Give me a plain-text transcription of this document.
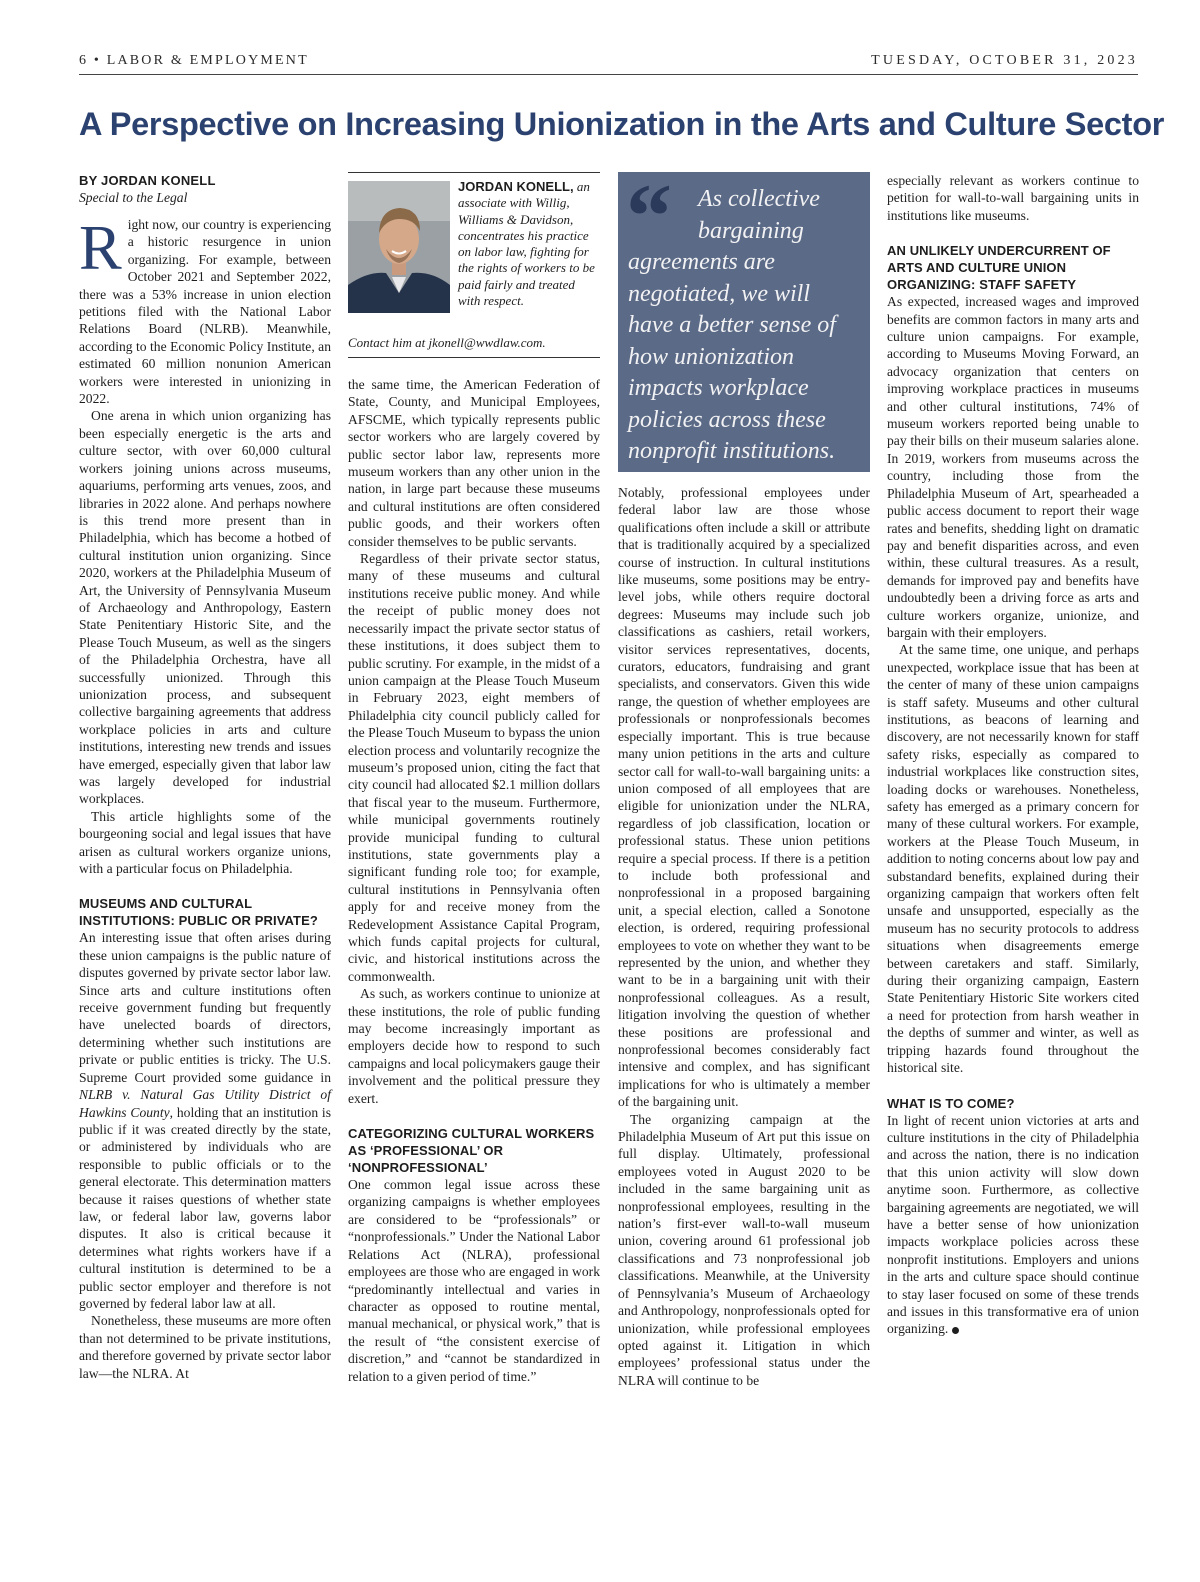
6 • LABOR & EMPLOYMENT	TUESDAY, OCTOBER 31, 2023
A Perspective on Increasing Unionization in the Arts and Culture Sector
BY JORDAN KONELL
Special to the Legal

Right now, our country is experiencing a historic resurgence in union organizing. For example, between October 2021 and September 2022, there was a 53% increase in union election petitions filed with the National Labor Relations Board (NLRB). Meanwhile, according to the Economic Policy Institute, an estimated 60 million nonunion American workers were interested in unionizing in 2022.

One arena in which union organizing has been especially energetic is the arts and culture sector, with over 60,000 cultural workers joining unions across museums, aquariums, performing arts venues, zoos, and libraries in 2022 alone. And perhaps nowhere is this trend more present than in Philadelphia, which has become a hotbed of cultural institution union organizing. Since 2020, workers at the Philadelphia Museum of Art, the University of Pennsylvania Museum of Archaeology and Anthropology, Eastern State Penitentiary Historic Site, and the Please Touch Museum, as well as the singers of the Philadelphia Orchestra, have all successfully unionized. Through this unionization process, and subsequent collective bargaining agreements that address workplace policies in arts and culture institutions, interesting new trends and issues have emerged, especially given that labor law was largely developed for industrial workplaces.

This article highlights some of the bourgeoning social and legal issues that have arisen as cultural workers organize unions, with a particular focus on Philadelphia.

MUSEUMS AND CULTURAL INSTITUTIONS: PUBLIC OR PRIVATE?

An interesting issue that often arises during these union campaigns is the public nature of disputes governed by private sector labor law. Since arts and culture institutions often receive government funding but frequently have unelected boards of directors, determining whether such institutions are private or public entities is tricky. The U.S. Supreme Court provided some guidance in NLRB v. Natural Gas Utility District of Hawkins County, holding that an institution is public if it was created directly by the state, or administered by individuals who are responsible to public officials or to the general electorate. This determination matters because it raises questions of whether state law, or federal labor law, governs labor disputes. It also is critical because it determines what rights workers have if a cultural institution is determined to be a public sector employer and therefore is not governed by federal labor law at all.

Nonetheless, these museums are more often than not determined to be private institutions, and therefore governed by private sector labor law—the NLRA. At

JORDAN KONELL, an associate with Willig, Williams & Davidson, concentrates his practice on labor law, fighting for the rights of workers to be paid fairly and treated with respect.
Contact him at jkonell@wwdlaw.com.

the same time, the American Federation of State, County, and Municipal Employees, AFSCME, which typically represents public sector workers who are largely covered by public sector labor law, represents more museum workers than any other union in the nation, in large part because these museums and cultural institutions are often considered public goods, and their workers often consider themselves to be public servants.

Regardless of their private sector status, many of these museums and cultural institutions receive public money. And while the receipt of public money does not necessarily impact the private sector status of these institutions, it does subject them to public scrutiny. For example, in the midst of a union campaign at the Please Touch Museum in February 2023, eight members of Philadelphia city council publicly called for the Please Touch Museum to bypass the union election process and voluntarily recognize the museum’s proposed union, citing the fact that city council had allocated $2.1 million dollars that fiscal year to the museum. Furthermore, while municipal governments routinely provide municipal funding to cultural institutions, state governments play a significant funding role too; for example, cultural institutions in Pennsylvania often apply for and receive money from the Redevelopment Assistance Capital Program, which funds capital projects for cultural, civic, and historical institutions across the commonwealth.

As such, as workers continue to unionize at these institutions, the role of public funding may become increasingly important as employers decide how to respond to such campaigns and local policymakers gauge their involvement and the political pressure they exert.

CATEGORIZING CULTURAL WORKERS AS ‘PROFESSIONAL’ OR ‘NONPROFESSIONAL’

One common legal issue across these organizing campaigns is whether employees are considered to be “professionals” or “nonprofessionals.” Under the National Labor Relations Act (NLRA), professional employees are those who are engaged in work “predominantly intellectual and varies in character as opposed to routine mental, manual mechanical, or physical work,” that is the result of “the consistent exercise of discretion,” and “cannot be standardized in relation to a given period of time.”

“	As collective bargaining
agreements are negotiated, we will have a better sense of how unionization impacts workplace policies across these nonprofit institutions.

Notably, professional employees under federal labor law are those whose qualifications often include a skill or attribute that is traditionally acquired by a specialized course of instruction. In cultural institutions like museums, some positions may be entry-level jobs, while others require doctoral degrees: Museums may include such job classifications as cashiers, retail workers, visitor services representatives, docents, curators, educators, fundraising and grant specialists, and conservators. Given this wide range, the question of whether employees are professionals or nonprofessionals becomes especially important. This is true because many union petitions in the arts and culture sector call for wall-to-wall bargaining units: a union composed of all employees that are eligible for unionization under the NLRA, regardless of job classification, location or professional status. These union petitions require a special process. If there is a petition to include both professional and nonprofessional in a proposed bargaining unit, a special election, called a Sonotone election, is ordered, requiring professional employees to vote on whether they want to be represented by the union, and whether they want to be in a bargaining unit with their nonprofessional colleagues. As a result, litigation involving the question of whether these positions are professional and nonprofessional becomes considerably fact intensive and complex, and has significant implications for who is ultimately a member of the bargaining unit.

The organizing campaign at the Philadelphia Museum of Art put this issue on full display. Ultimately, professional employees voted in August 2020 to be included in the same bargaining unit as nonprofessional employees, resulting in the nation’s first-ever wall-to-wall museum union, covering around 61 professional job classifications and 73 nonprofessional job classifications. Meanwhile, at the University of Pennsylvania’s Museum of Archaeology and Anthropology, nonprofessionals opted for unionization, while professional employees opted against it. Litigation in which employees’ professional status under the NLRA will continue to be

especially relevant as workers continue to petition for wall-to-wall bargaining units in institutions like museums.

AN UNLIKELY UNDERCURRENT OF ARTS AND CULTURE UNION ORGANIZING: STAFF SAFETY

As expected, increased wages and improved benefits are common factors in many arts and culture union campaigns. For example, according to Museums Moving Forward, an advocacy organization that centers on improving workplace practices in museums and other cultural institutions, 74% of museum workers reported being unable to pay their bills on their museum salaries alone. In 2019, workers from museums across the country, including those from the Philadelphia Museum of Art, spearheaded a public access document to report their wage rates and benefits, shedding light on dramatic pay and benefit disparities across, and even within, these cultural treasures. As a result, demands for improved pay and benefits have undoubtedly been a driving force as arts and culture workers organize, unionize, and bargain with their employers.

At the same time, one unique, and perhaps unexpected, workplace issue that has been at the center of many of these union campaigns is staff safety. Museums and other cultural institutions, as beacons of learning and discovery, are not necessarily known for staff safety risks, especially as compared to industrial workplaces like construction sites, loading docks or warehouses. Nonetheless, safety has emerged as a primary concern for many of these cultural workers. For example, workers at the Please Touch Museum, in addition to noting concerns about low pay and substandard benefits, explained during their organizing campaign that workers often felt unsafe and unsupported, especially as the museum has no security protocols to address situations when disagreements emerge between caretakers and staff. Similarly, during their organizing campaign, Eastern State Penitentiary Historic Site workers cited a need for protection from harsh weather in the depths of summer and winter, as well as tripping hazards found throughout the historical site.

WHAT IS TO COME?

In light of recent union victories at arts and culture institutions in the city of Philadelphia and across the nation, there is no indication that this union activity will slow down anytime soon. Furthermore, as collective bargaining agreements are negotiated, we will have a better sense of how unionization impacts workplace policies across these nonprofit institutions. Employers and unions in the arts and culture space should continue to stay laser focused on some of these trends and issues in this transformative era of union organizing.
